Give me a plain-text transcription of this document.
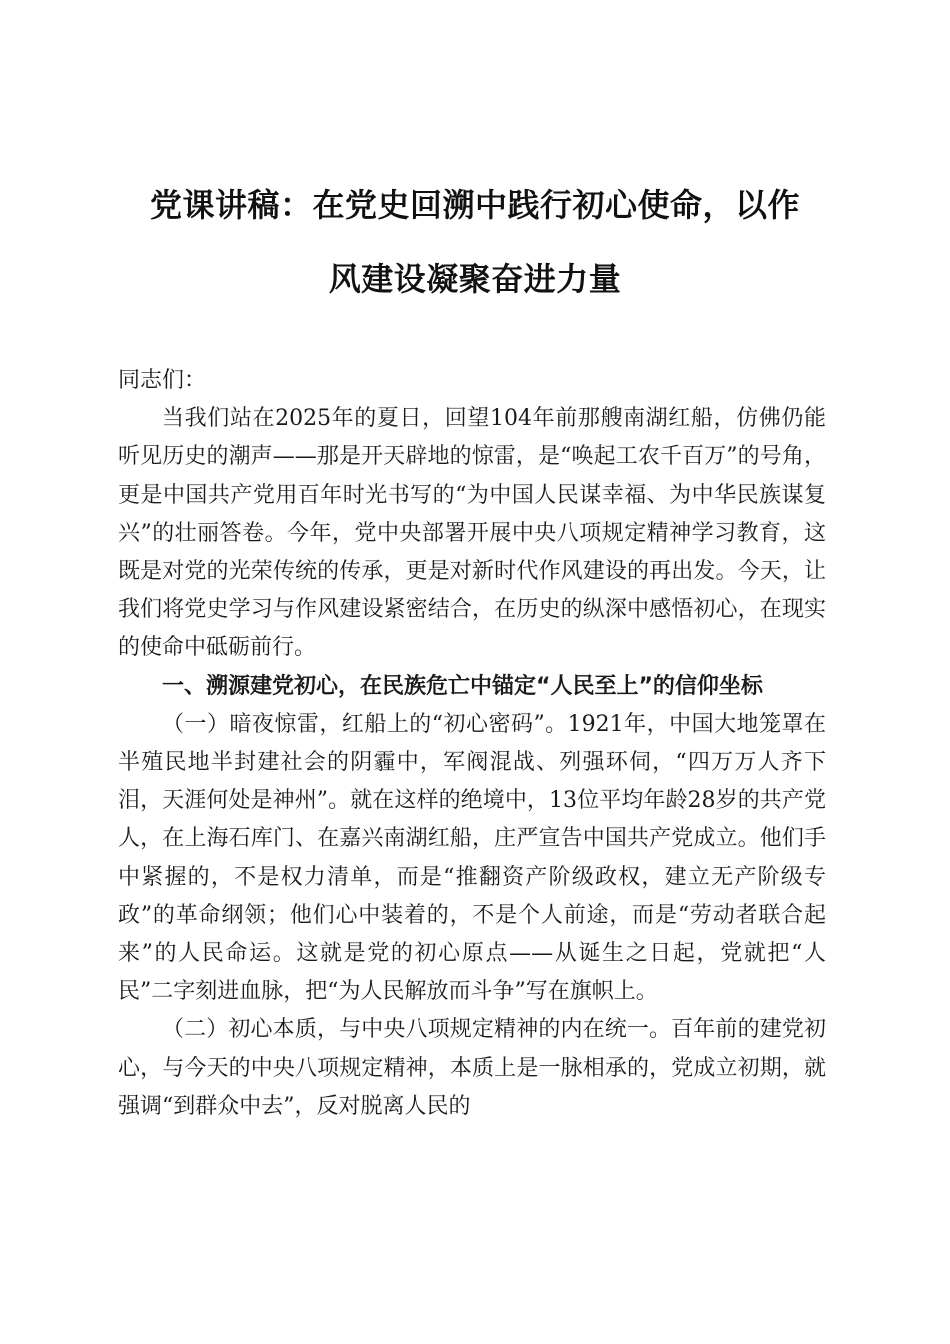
党课讲稿：在党史回溯中践行初心使命，以作
风建设凝聚奋进力量

同志们：

当我们站在2025年的夏日，回望104年前那艘南湖红船，仿佛仍能听见历史的潮声——那是开天辟地的惊雷，是“唤起工农千百万”的号角，更是中国共产党用百年时光书写的“为中国人民谋幸福、为中华民族谋复兴”的壮丽答卷。今年，党中央部署开展中央八项规定精神学习教育，这既是对党的光荣传统的传承，更是对新时代作风建设的再出发。今天，让我们将党史学习与作风建设紧密结合，在历史的纵深中感悟初心，在现实的使命中砥砺前行。

一、溯源建党初心，在民族危亡中锚定“人民至上”的信仰坐标

（一）暗夜惊雷，红船上的“初心密码”。1921年，中国大地笼罩在半殖民地半封建社会的阴霾中，军阀混战、列强环伺，“四万万人齐下泪，天涯何处是神州”。就在这样的绝境中，13位平均年龄28岁的共产党人，在上海石库门、在嘉兴南湖红船，庄严宣告中国共产党成立。他们手中紧握的，不是权力清单，而是“推翻资产阶级政权，建立无产阶级专政”的革命纲领；他们心中装着的，不是个人前途，而是“劳动者联合起来”的人民命运。这就是党的初心原点——从诞生之日起，党就把“人民”二字刻进血脉，把“为人民解放而斗争”写在旗帜上。

（二）初心本质，与中央八项规定精神的内在统一。百年前的建党初心，与今天的中央八项规定精神，本质上是一脉相承的，党成立初期，就强调“到群众中去”，反对脱离人民的
